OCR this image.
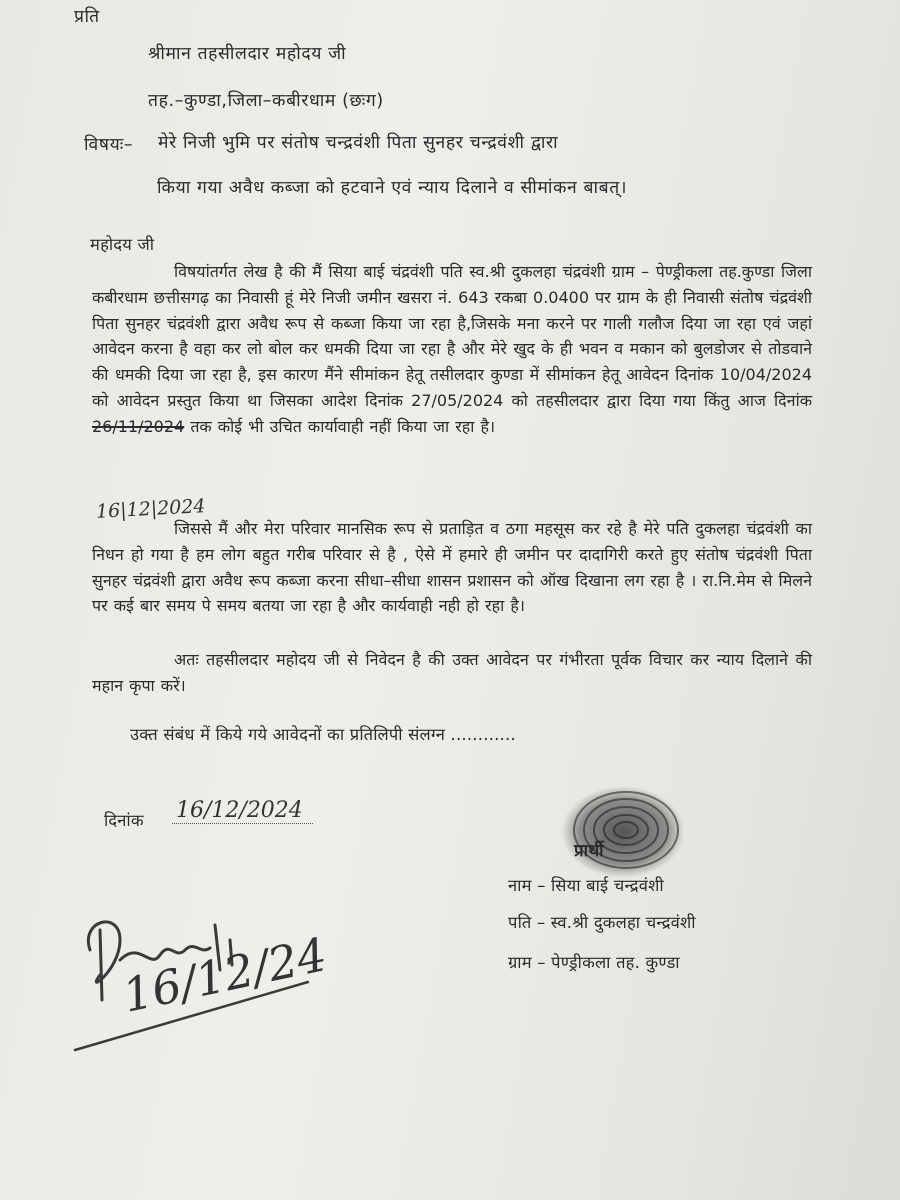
प्रति
श्रीमान तहसीलदार महोदय जी
तह.–कुण्डा,जिला–कबीरधाम (छःग)
विषयः– मेरे निजी भुमि पर संतोष चन्द्रवंशी पिता सुनहर चन्द्रवंशी द्वारा
किया गया अवैध कब्जा को हटवाने एवं न्याय दिलाने व सीमांकन बाबत्।
महोदय जी
विषयांतर्गत लेख है की मैं सिया बाई चंद्रवंशी पति स्व.श्री दुकलहा चंद्रवंशी ग्राम – पेण्ड्रीकला तह.कुण्डा जिला कबीरधाम छत्तीसगढ़ का निवासी हूं मेरे निजी जमीन खसरा नं. 643 रकबा 0.0400 पर ग्राम के ही निवासी संतोष चंद्रवंशी पिता सुनहर चंद्रवंशी द्वारा अवैध रूप से कब्जा किया जा रहा है,जिसके मना करने पर गाली गलौज दिया जा रहा एवं जहां आवेदन करना है वहा कर लो बोल कर धमकी दिया जा रहा है और मेरे खुद के ही भवन व मकान को बुलडोजर से तोडवाने की धमकी दिया जा रहा है, इस कारण मैंने सीमांकन हेतू तसीलदार कुण्डा में सीमांकन हेतू आवेदन दिनांक 10/04/2024 को आवेदन प्रस्तुत किया था जिसका आदेश दिनांक 27/05/2024 को तहसीलदार द्वारा दिया गया किंतु आज दिनांक 26/11/2024 तक कोई भी उचित कार्यावाही नहीं किया जा रहा है।
16|12|2024
जिससे मैं और मेरा परिवार मानसिक रूप से प्रताड़ित व ठगा महसूस कर रहे है मेरे पति दुकलहा चंद्रवंशी का निधन हो गया है हम लोग बहुत गरीब परिवार से है , ऐसे में हमारे ही जमीन पर दादागिरी करते हुए संतोष चंद्रवंशी पिता सुनहर चंद्रवंशी द्वारा अवैध रूप कब्जा करना सीधा–सीधा शासन प्रशासन को ऑख दिखाना लग रहा है । रा.नि.मेम से मिलने पर कई बार समय पे समय बतया जा रहा है और कार्यवाही नही हो रहा है।
अतः तहसीलदार महोदय जी से निवेदन है की उक्त आवेदन पर गंभीरता पूर्वक विचार कर न्याय दिलाने की महान कृपा करें।
उक्त संबंध में किये गये आवेदनों का प्रतिलिपी संलग्न ............
दिनांक 16/12/2024
प्रार्थी
नाम – सिया बाई चन्द्रवंशी
पति – स्व.श्री दुकलहा चन्द्रवंशी
ग्राम – पेण्ड्रीकला तह. कुण्डा
16/12/24
